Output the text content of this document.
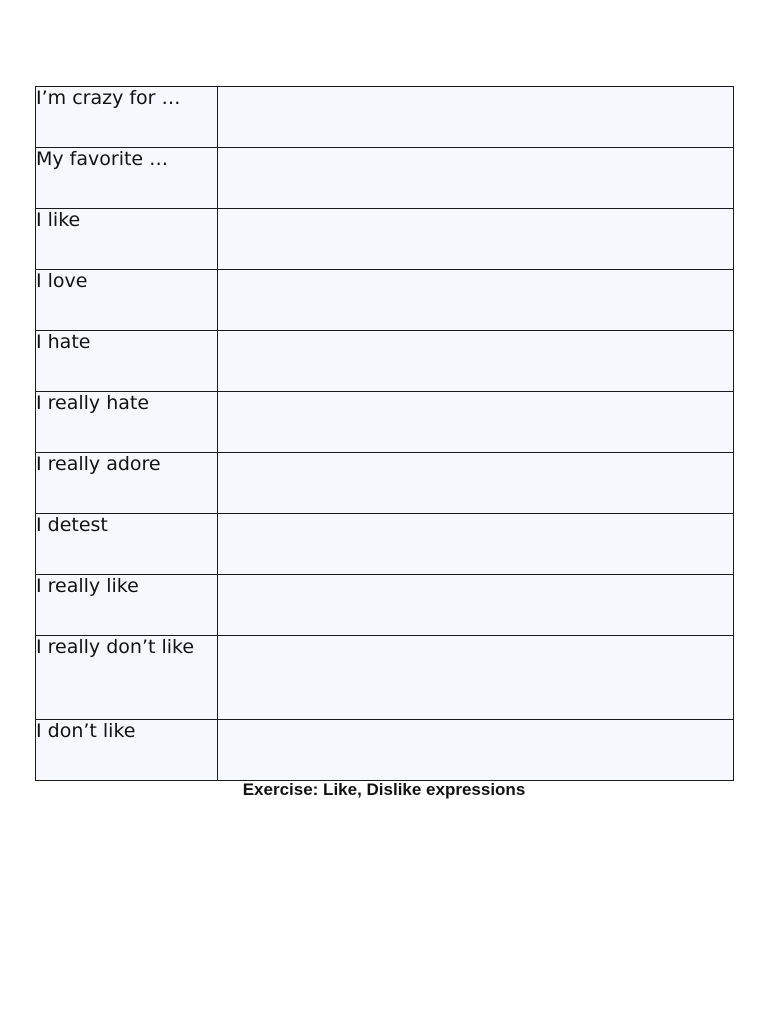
I’m crazy for …	
My favorite …	
I like	
I love	
I hate	
I really hate	
I really adore	
I detest	
I really like	
I really don’t like	
I don’t like	
Exercise: Like, Dislike expressions
